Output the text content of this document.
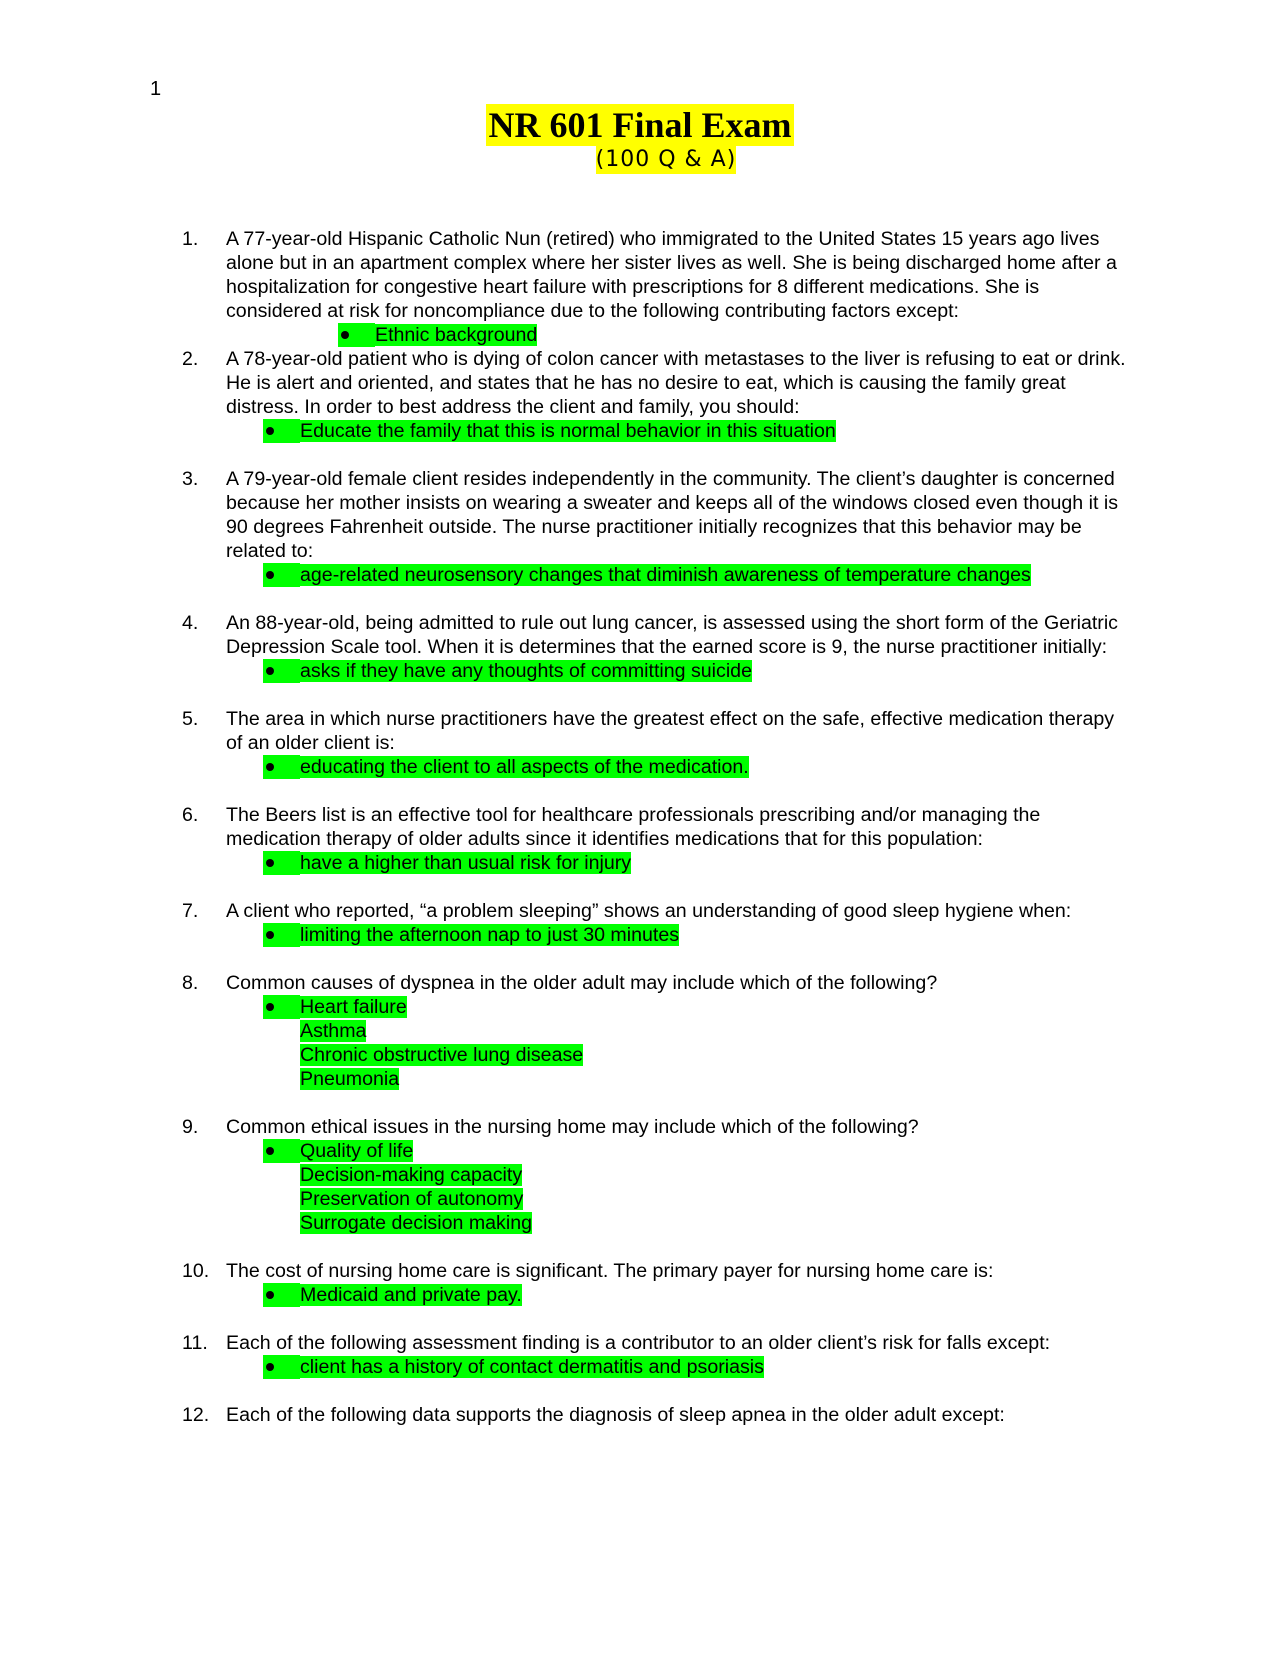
1
NR 601 Final Exam
(100 Q & A)
1.	A 77-year-old Hispanic Catholic Nun (retired) who immigrated to the United States 15 years ago lives alone but in an apartment complex where her sister lives as well. She is being discharged home after a hospitalization for congestive heart failure with prescriptions for 8 different medications. She is considered at risk for noncompliance due to the following contributing factors except:
Ethnic background
2.	A 78-year-old patient who is dying of colon cancer with metastases to the liver is refusing to eat or drink. He is alert and oriented, and states that he has no desire to eat, which is causing the family great distress. In order to best address the client and family, you should:
Educate the family that this is normal behavior in this situation
3.	A 79-year-old female client resides independently in the community. The client’s daughter is concerned because her mother insists on wearing a sweater and keeps all of the windows closed even though it is 90 degrees Fahrenheit outside. The nurse practitioner initially recognizes that this behavior may be related to:
age-related neurosensory changes that diminish awareness of temperature changes
4.	An 88-year-old, being admitted to rule out lung cancer, is assessed using the short form of the Geriatric Depression Scale tool. When it is determines that the earned score is 9, the nurse practitioner initially:
asks if they have any thoughts of committing suicide
5.	The area in which nurse practitioners have the greatest effect on the safe, effective medication therapy of an older client is:
educating the client to all aspects of the medication.
6.	The Beers list is an effective tool for healthcare professionals prescribing and/or managing the medication therapy of older adults since it identifies medications that for this population:
have a higher than usual risk for injury
7.	A client who reported, “a problem sleeping” shows an understanding of good sleep hygiene when:
limiting the afternoon nap to just 30 minutes
8.	Common causes of dyspnea in the older adult may include which of the following?
Heart failure
Asthma
Chronic obstructive lung disease
Pneumonia
9.	Common ethical issues in the nursing home may include which of the following?
Quality of life
Decision-making capacity
Preservation of autonomy
Surrogate decision making
10. The cost of nursing home care is significant. The primary payer for nursing home care is:
Medicaid and private pay.
11. Each of the following assessment finding is a contributor to an older client’s risk for falls except:
client has a history of contact dermatitis and psoriasis
12. Each of the following data supports the diagnosis of sleep apnea in the older adult except:
